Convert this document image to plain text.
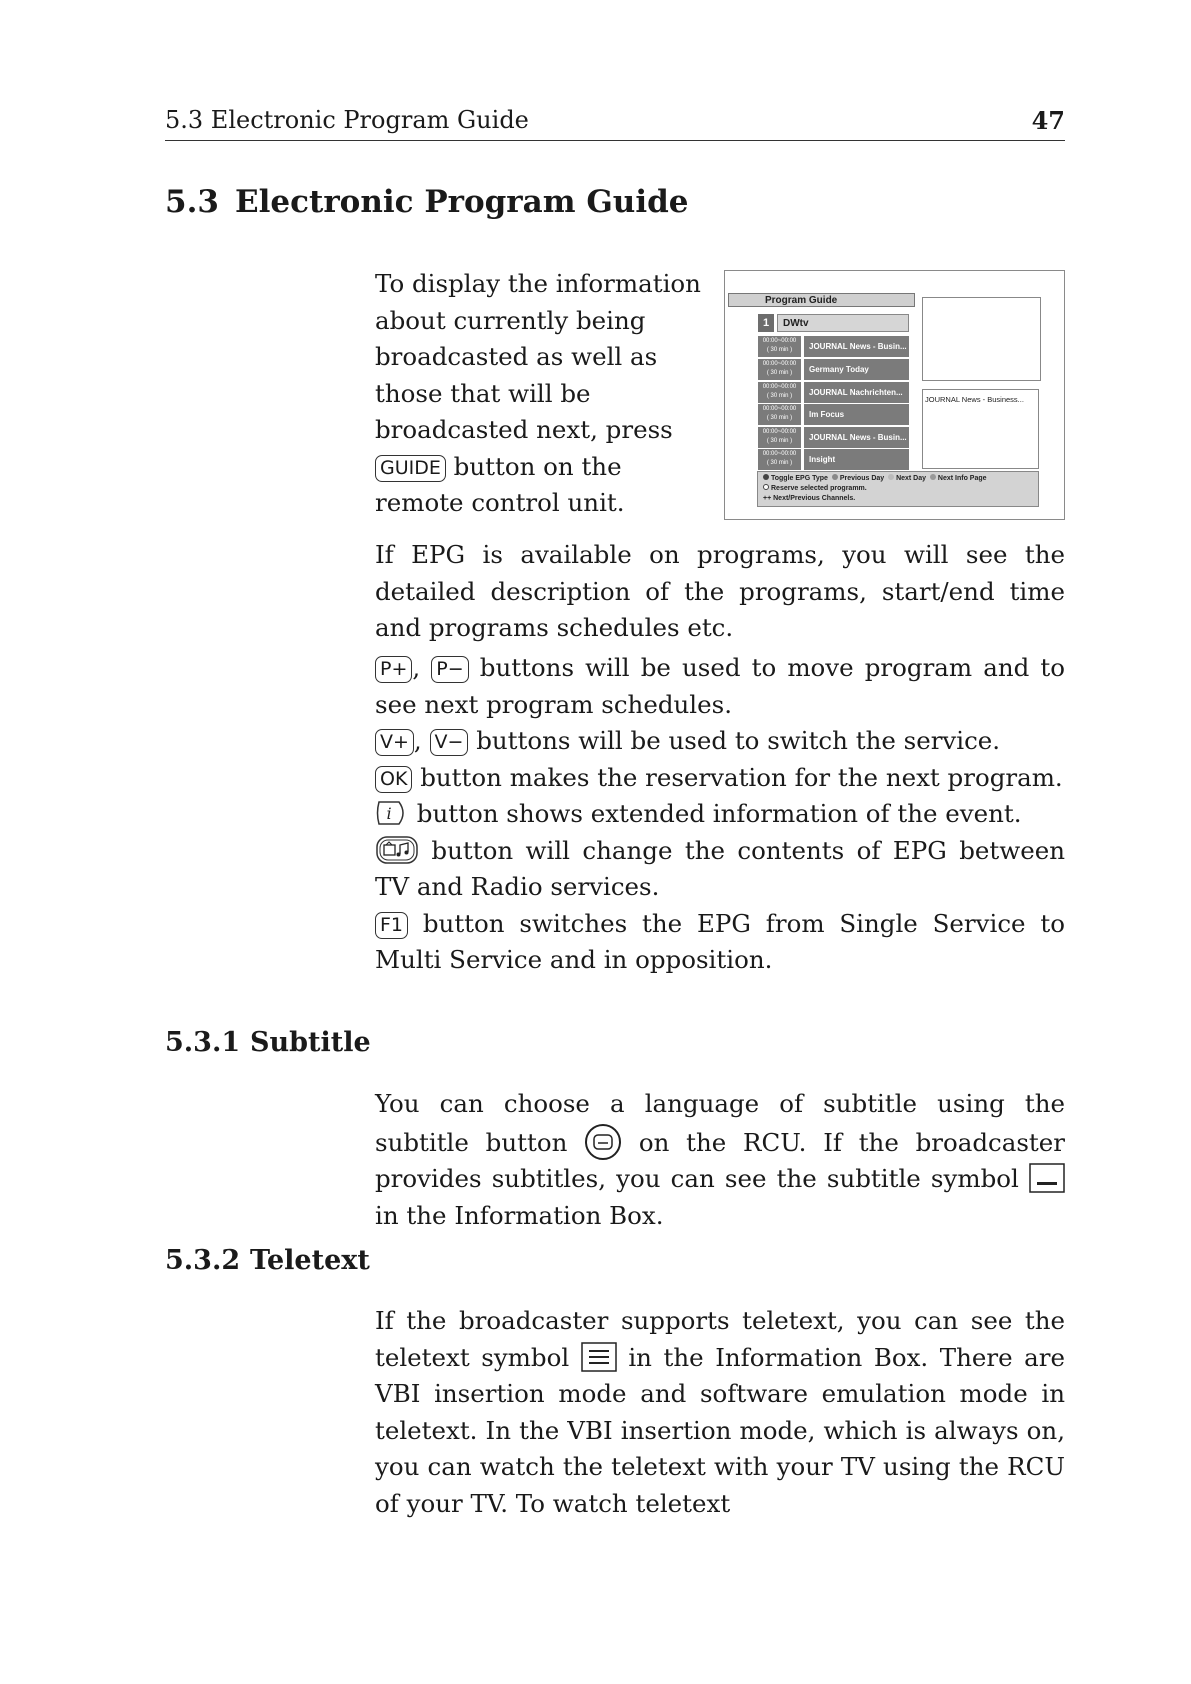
5.3 Electronic Program Guide	47
5.3 Electronic Program Guide

To display the information about currently being broadcasted as well as those that will be broadcasted next, press GUIDE button on the remote control unit.

Program Guide
1	DWtv
00:00~00:00
( 30 min )	JOURNAL News - Busin...
00:00~00:00
( 30 min )	Germany Today
00:00~00:00
( 30 min )	JOURNAL Nachrichten...
00:00~00:00
( 30 min )	Im Focus
00:00~00:00
( 30 min )	JOURNAL News - Busin...
00:00~00:00
( 30 min )	Insight
JOURNAL News - Business...
Toggle EPG Type Previous Day Next Day Next Info Page
Reserve selected programm.
++ Next/Previous Channels.

If EPG is available on programs, you will see the detailed description of the programs, start/end time and programs schedules etc.

P+ , P− buttons will be used to move program and to see next program schedules.
V+ , V− buttons will be used to switch the service.
OK button makes the reservation for the next program.
i button shows extended information of the event.
button will change the contents of EPG between TV and Radio services.
F1 button switches the EPG from Single Service to Multi Service and in opposition.
5.3.1 Subtitle
You can choose a language of subtitle using the subtitle button	on the RCU. If the broadcaster provides subtitles, you can see the subtitle symbol  in the Information Box.
5.3.2 Teletext
If the broadcaster supports teletext, you can see the teletext symbol in the Information Box. There are VBI insertion mode and software emulation mode in teletext. In the VBI insertion mode, which is always on, you can watch the teletext with your TV using the RCU of your TV. To watch teletext
